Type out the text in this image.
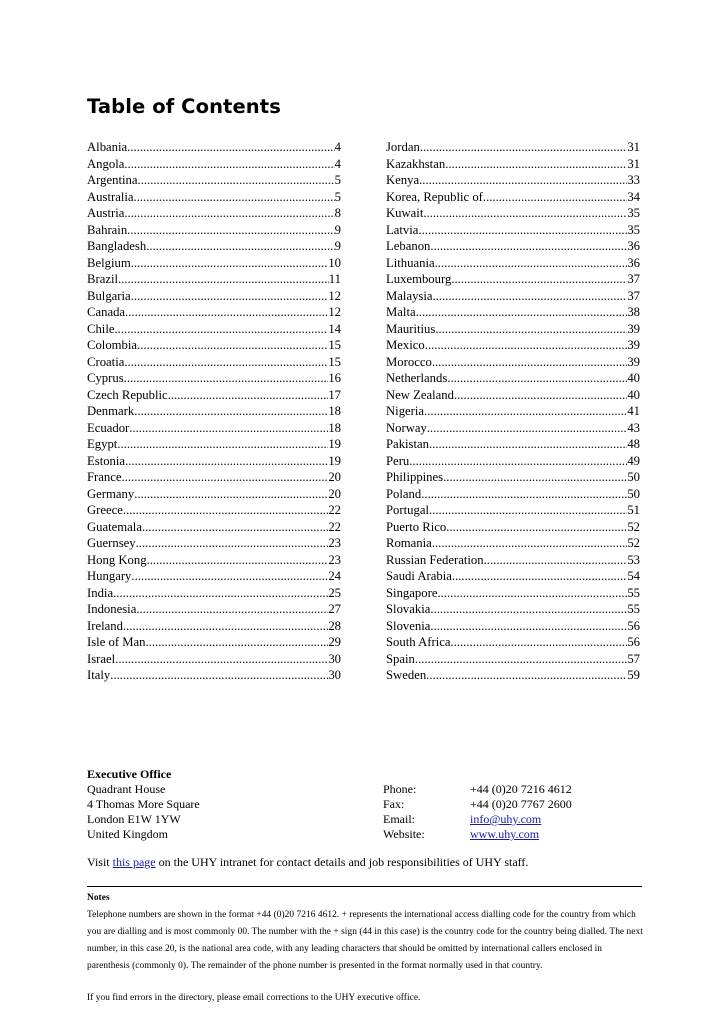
Table of Contents
Albania .....	4
Angola .....	4
Argentina .....	5
Australia .....	5
Austria .....	8
Bahrain .....	9
Bangladesh .....	9
Belgium .....	10
Brazil .....	11
Bulgaria .....	12
Canada .....	12
Chile .....	14
Colombia .....	15
Croatia .....	15
Cyprus .....	16
Czech Republic .....	17
Denmark .....	18
Ecuador .....	18
Egypt .....	19
Estonia .....	19
France .....	20
Germany .....	20
Greece .....	22
Guatemala .....	22
Guernsey .....	23
Hong Kong .....	23
Hungary .....	24
India .....	25
Indonesia .....	27
Ireland .....	28
Isle of Man .....	29
Israel .....	30
Italy .....	30
Jordan .....	31
Kazakhstan .....	31
Kenya .....	33
Korea, Republic of .....	34
Kuwait .....	35
Latvia .....	35
Lebanon .....	36
Lithuania .....	36
Luxembourg .....	37
Malaysia .....	37
Malta .....	38
Mauritius .....	39
Mexico .....	39
Morocco .....	39
Netherlands .....	40
New Zealand .....	40
Nigeria .....	41
Norway .....	43
Pakistan .....	48
Peru .....	49
Philippines .....	50
Poland .....	50
Portugal .....	51
Puerto Rico .....	52
Romania .....	52
Russian Federation .....	53
Saudi Arabia .....	54
Singapore .....	55
Slovakia .....	55
Slovenia .....	56
South Africa .....	56
Spain .....	57
Sweden .....	59
Executive Office
Quadrant House
4 Thomas More Square
London E1W 1YW
United Kingdom
Phone:	+44 (0)20 7216 4612
Fax:	+44 (0)20 7767 2600
Email:	info@uhy.com
Website:	www.uhy.com
Visit this page on the UHY intranet for contact details and job responsibilities of UHY staff.
Notes

Telephone numbers are shown in the format +44 (0)20 7216 4612. + represents the international access dialling code for the country from which you are dialling and is most commonly 00. The number with the + sign (44 in this case) is the country code for the country being dialled. The next number, in this case 20, is the national area code, with any leading characters that should be omitted by international callers enclosed in parenthesis (commonly 0). The remainder of the phone number is presented in the format normally used in that country.

If you find errors in the directory, please email corrections to the UHY executive office.
